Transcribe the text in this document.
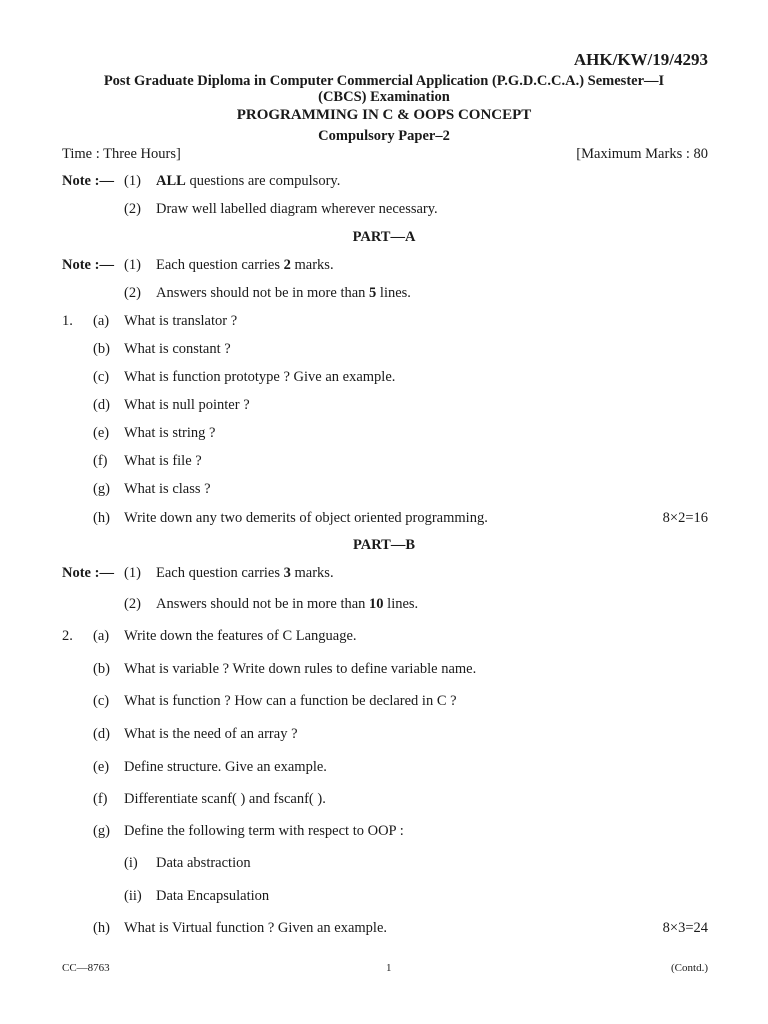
AHK/KW/19/4293
Post Graduate Diploma in Computer Commercial Application (P.G.D.C.C.A.) Semester—I
(CBCS) Examination
PROGRAMMING IN C & OOPS CONCEPT
Compulsory Paper–2
Time : Three Hours]	[Maximum Marks : 80
Note :— (1) ALL questions are compulsory.
(2) Draw well labelled diagram wherever necessary.
PART—A
Note :— (1) Each question carries 2 marks.
(2) Answers should not be in more than 5 lines.
1. (a) What is translator ?
(b) What is constant ?
(c) What is function prototype ? Give an example.
(d) What is null pointer ?
(e) What is string ?
(f) What is file ?
(g) What is class ?
(h) Write down any two demerits of object oriented programming.	8×2=16
PART—B
Note :— (1) Each question carries 3 marks.
(2) Answers should not be in more than 10 lines.
2. (a) Write down the features of C Language.
(b) What is variable ? Write down rules to define variable name.
(c) What is function ? How can a function be declared in C ?
(d) What is the need of an array ?
(e) Define structure. Give an example.
(f) Differentiate scanf( ) and fscanf( ).
(g) Define the following term with respect to OOP :
(i) Data abstraction
(ii) Data Encapsulation
(h) What is Virtual function ? Given an example.	8×3=24
CC—8763	1	(Contd.)
